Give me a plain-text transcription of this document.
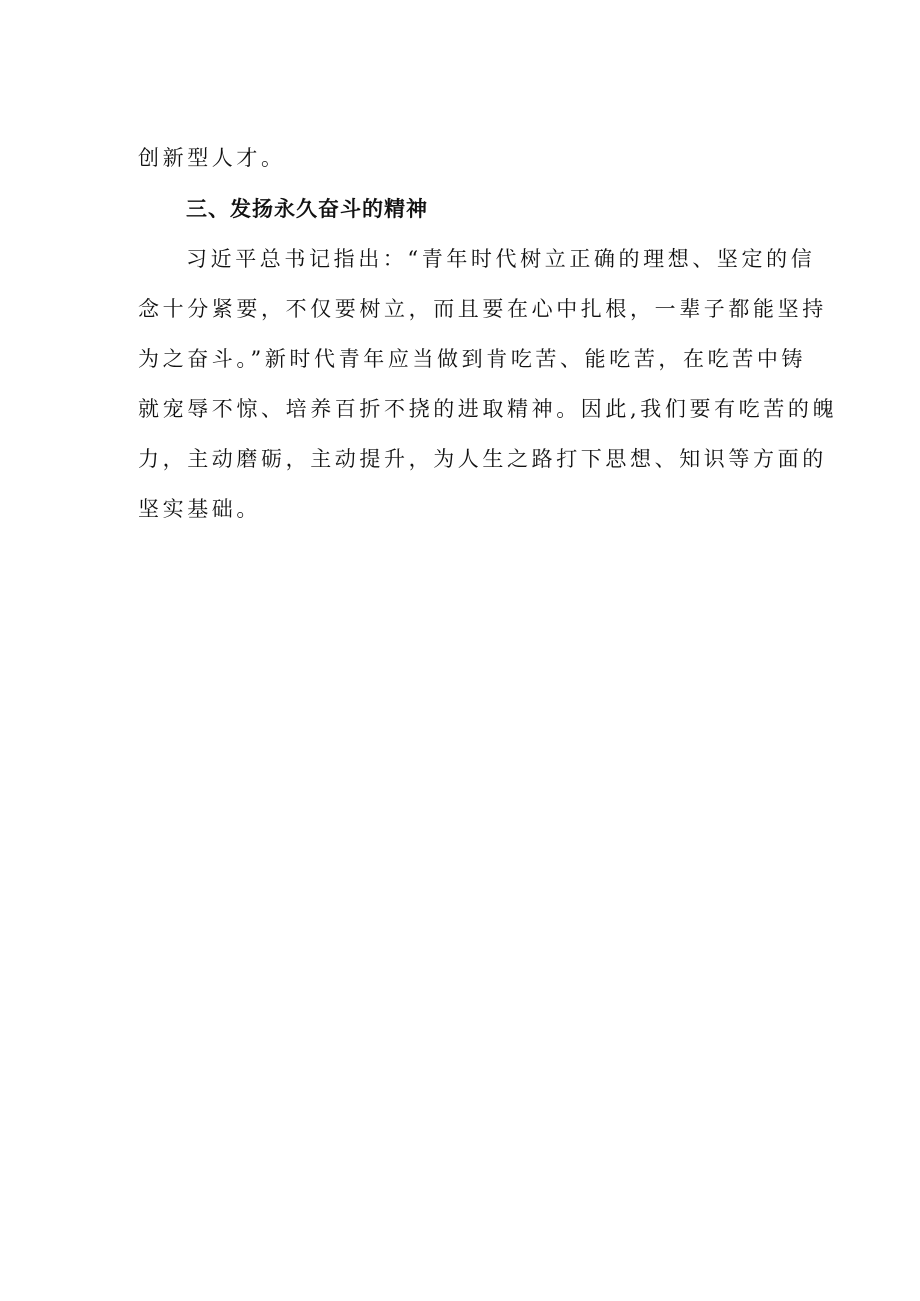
创新型人才。
三、发扬永久奋斗的精神
习近平总书记指出：“青年时代树立正确的理想、坚定的信
念十分紧要，不仅要树立，而且要在心中扎根，一辈子都能坚持
为之奋斗。”新时代青年应当做到肯吃苦、能吃苦，在吃苦中铸
就宠辱不惊、培养百折不挠的进取精神。因此,我们要有吃苦的魄
力，主动磨砺，主动提升，为人生之路打下思想、知识等方面的
坚实基础。
